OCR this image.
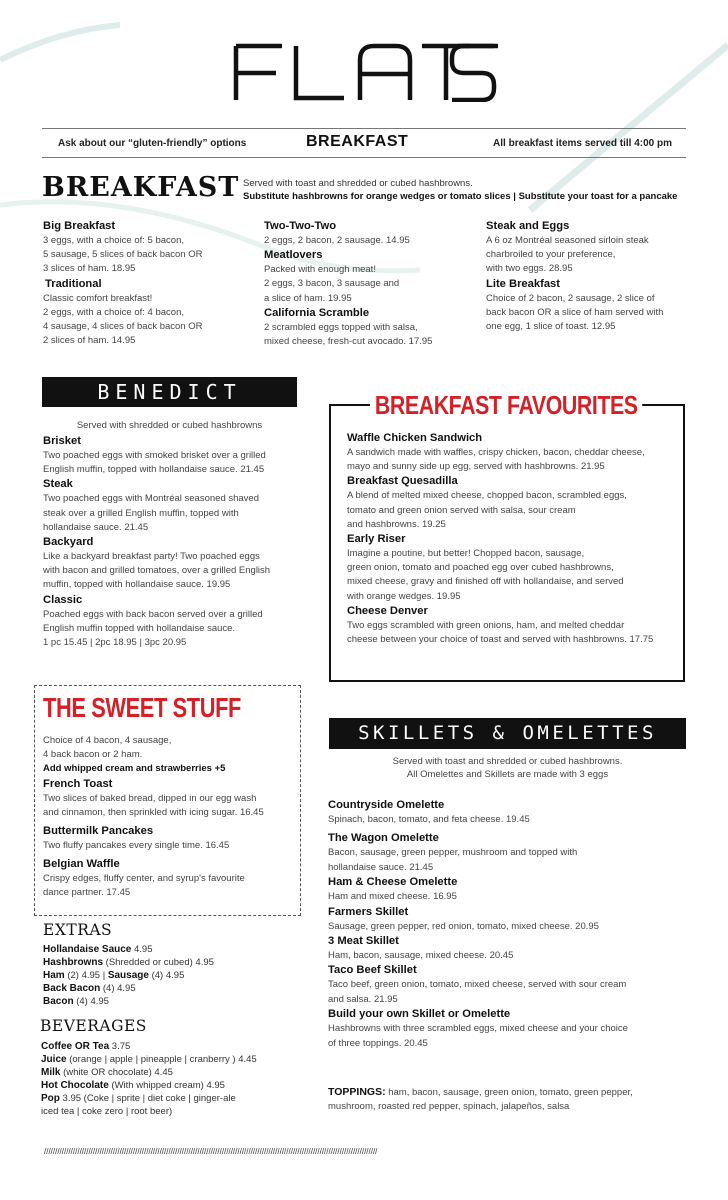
FLATS
Ask about our “gluten-friendly” options	BREAKFAST	All breakfast items served till 4:00 pm
BREAKFAST Served with toast and shredded or cubed hashbrowns.
Substitute hashbrowns for orange wedges or tomato slices | Substitute your toast for a pancake
Big Breakfast
3 eggs, with a choice of: 5 bacon,
5 sausage, 5 slices of back bacon OR
3 slices of ham. 18.95
Traditional
Classic comfort breakfast!
2 eggs, with a choice of: 4 bacon,
4 sausage, 4 slices of back bacon OR
2 slices of ham. 14.95
Two-Two-Two
2 eggs, 2 bacon, 2 sausage. 14.95
Meatlovers
Packed with enough meat!
2 eggs, 3 bacon, 3 sausage and
a slice of ham. 19.95
California Scramble
2 scrambled eggs topped with salsa,
mixed cheese, fresh-cut avocado. 17.95
Steak and Eggs
A 6 oz Montréal seasoned sirloin steak
charbroiled to your preference,
with two eggs. 28.95
Lite Breakfast
Choice of 2 bacon, 2 sausage, 2 slice of
back bacon OR a slice of ham served with
one egg, 1 slice of toast. 12.95
BENEDICT
Served with shredded or cubed hashbrowns
Brisket
Two poached eggs with smoked brisket over a grilled
English muffin, topped with hollandaise sauce. 21.45
Steak
Two poached eggs with Montréal seasoned shaved
steak over a grilled English muffin, topped with
hollandaise sauce. 21.45
Backyard
Like a backyard breakfast party! Two poached eggs
with bacon and grilled tomatoes, over a grilled English
muffin, topped with hollandaise sauce. 19.95
Classic
Poached eggs with back bacon served over a grilled
English muffin topped with hollandaise sauce.
1 pc 15.45 | 2pc 18.95 | 3pc 20.95
BREAKFAST FAVOURITES
Waffle Chicken Sandwich
A sandwich made with waffles, crispy chicken, bacon, cheddar cheese,
mayo and sunny side up egg, served with hashbrowns. 21.95
Breakfast Quesadilla
A blend of melted mixed cheese, chopped bacon, scrambled eggs,
tomato and green onion served with salsa, sour cream
and hashbrowns. 19.25
Early Riser
Imagine a poutine, but better! Chopped bacon, sausage,
green onion, tomato and poached egg over cubed hashbrowns,
mixed cheese, gravy and finished off with hollandaise, and served
with orange wedges. 19.95
Cheese Denver
Two eggs scrambled with green onions, ham, and melted cheddar
cheese between your choice of toast and served with hashbrowns. 17.75
THE SWEET STUFF
Choice of 4 bacon, 4 sausage,
4 back bacon or 2 ham.
Add whipped cream and strawberries +5
French Toast
Two slices of baked bread, dipped in our egg wash
and cinnamon, then sprinkled with icing sugar. 16.45
Buttermilk Pancakes
Two fluffy pancakes every single time. 16.45
Belgian Waffle
Crispy edges, fluffy center, and syrup's favourite
dance partner. 17.45
EXTRAS
Hollandaise Sauce 4.95
Hashbrowns (Shredded or cubed) 4.95
Ham (2) 4.95 | Sausage (4) 4.95
Back Bacon (4) 4.95
Bacon (4) 4.95
BEVERAGES
Coffee OR Tea 3.75
Juice (orange | apple | pineapple | cranberry ) 4.45
Milk (white OR chocolate) 4.45
Hot Chocolate (With whipped cream) 4.95
Pop 3.95 (Coke | sprite | diet coke | ginger-ale
iced tea | coke zero | root beer)
SKILLETS & OMELETTES
Served with toast and shredded or cubed hashbrowns.
All Omelettes and Skillets are made with 3 eggs
Countryside Omelette
Spinach, bacon, tomato, and feta cheese. 19.45
The Wagon Omelette
Bacon, sausage, green pepper, mushroom and topped with
hollandaise sauce. 21.45
Ham & Cheese Omelette
Ham and mixed cheese. 16.95
Farmers Skillet
Sausage, green pepper, red onion, tomato, mixed cheese. 20.95
3 Meat Skillet
Ham, bacon, sausage, mixed cheese. 20.45
Taco Beef Skillet
Taco beef, green onion, tomato, mixed cheese, served with sour cream
and salsa. 21.95
Build your own Skillet or Omelette
Hashbrowns with three scrambled eggs, mixed cheese and your choice
of three toppings. 20.45
TOPPINGS: ham, bacon, sausage, green onion, tomato, green pepper,
mushroom, roasted red pepper, spinach, jalapeños, salsa
//////////////////////////////////////////////////////////////////////////////////////////////////////////////////////////////////////////////////////
